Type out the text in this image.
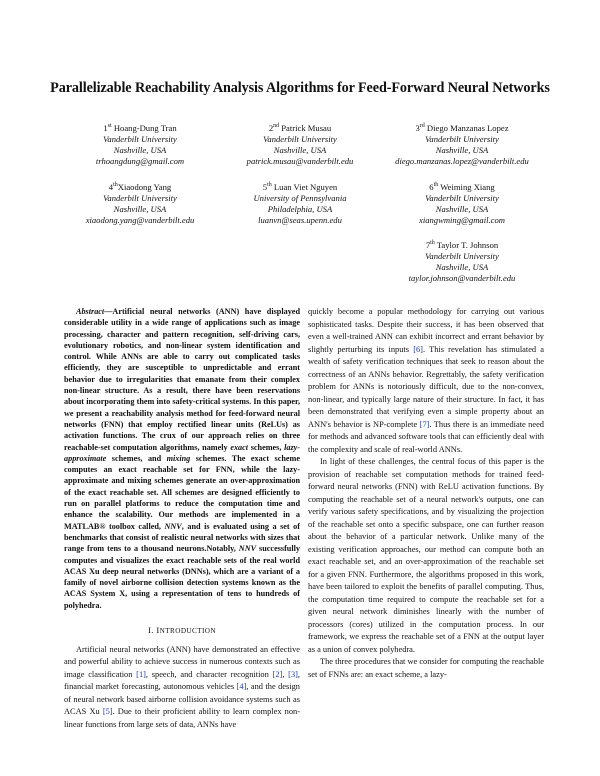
Parallelizable Reachability Analysis Algorithms for Feed-Forward Neural Networks
1st Hoang-Dung Tran
Vanderbilt University
Nashville, USA
trhoangdung@gmail.com
2nd Patrick Musau
Vanderbilt University
Nashville, USA
patrick.musau@vanderbilt.edu
3rd Diego Manzanas Lopez
Vanderbilt University
Nashville, USA
diego.manzanas.lopez@vanderbilt.edu
4thXiaodong Yang
Vanderbilt University
Nashville, USA
xiaodong.yang@vanderbilt.edu
5th Luan Viet Nguyen
University of Pennsylvania
Philadelphia, USA
luanvn@seas.upenn.edu
6th Weiming Xiang
Vanderbilt University
Nashville, USA
xiangwming@gmail.com
7th Taylor T. Johnson
Vanderbilt University
Nashville, USA
taylor.johnson@vanderbilt.edu

Abstract—Artificial neural networks (ANN) have displayed considerable utility in a wide range of applications such as image processing, character and pattern recognition, self-driving cars, evolutionary robotics, and non-linear system identification and control. While ANNs are able to carry out complicated tasks efficiently, they are susceptible to unpredictable and errant behavior due to irregularities that emanate from their complex non-linear structure. As a result, there have been reservations about incorporating them into safety-critical systems. In this paper, we present a reachability analysis method for feed-forward neural networks (FNN) that employ rectified linear units (ReLUs) as activation functions. The crux of our approach relies on three reachable-set computation algorithms, namely exact schemes, lazy-approximate schemes, and mixing schemes. The exact scheme computes an exact reachable set for FNN, while the lazy-approximate and mixing schemes generate an over-approximation of the exact reachable set. All schemes are designed efficiently to run on parallel platforms to reduce the computation time and enhance the scalability. Our methods are implemented in a MATLAB® toolbox called, NNV, and is evaluated using a set of benchmarks that consist of realistic neural networks with sizes that range from tens to a thousand neurons.Notably, NNV successfully computes and visualizes the exact reachable sets of the real world ACAS Xu deep neural networks (DNNs), which are a variant of a family of novel airborne collision detection systems known as the ACAS System X, using a representation of tens to hundreds of polyhedra.

I. INTRODUCTION

Artificial neural networks (ANN) have demonstrated an effective and powerful ability to achieve success in numerous contexts such as image classification [1], speech, and character recognition [2], [3], financial market forecasting, autonomous vehicles [4], and the design of neural network based airborne collision avoidance systems such as ACAS Xu [5]. Due to their proficient ability to learn complex non-linear functions from large sets of data, ANNs have

quickly become a popular methodology for carrying out various sophisticated tasks. Despite their success, it has been observed that even a well-trained ANN can exhibit incorrect and errant behavior by slightly perturbing its inputs [6]. This revelation has stimulated a wealth of safety verification techniques that seek to reason about the correctness of an ANNs behavior. Regrettably, the safety verification problem for ANNs is notoriously difficult, due to the non-convex, non-linear, and typically large nature of their structure. In fact, it has been demonstrated that verifying even a simple property about an ANN's behavior is NP-complete [7]. Thus there is an immediate need for methods and advanced software tools that can efficiently deal with the complexity and scale of real-world ANNs.

In light of these challenges, the central focus of this paper is the provision of reachable set computation methods for trained feed-forward neural networks (FNN) with ReLU activation functions. By computing the reachable set of a neural network's outputs, one can verify various safety specifications, and by visualizing the projection of the reachable set onto a specific subspace, one can further reason about the behavior of a particular network. Unlike many of the existing verification approaches, our method can compute both an exact reachable set, and an over-approximation of the reachable set for a given FNN. Furthermore, the algorithms proposed in this work, have been tailored to exploit the benefits of parallel computing. Thus, the computation time required to compute the reachable set for a given neural network diminishes linearly with the number of processors (cores) utilized in the computation process. In our framework, we express the reachable set of a FNN at the output layer as a union of convex polyhedra.

The three procedures that we consider for computing the reachable set of FNNs are: an exact scheme, a lazy-
